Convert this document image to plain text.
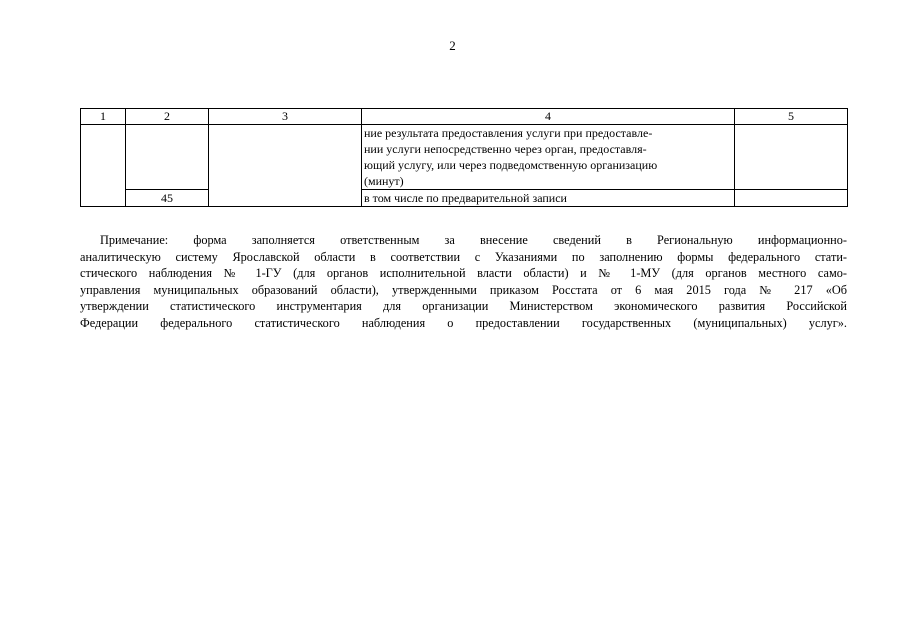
2
1	2	3	4	5

			ние результата предоставления услуги при предоставле-
нии услуги непосредственно через орган, предоставля-
ющий услугу, или через подведомственную организацию
(минут)	

	45		в том числе по предварительной записи	
Примечание: форма заполняется ответственным за внесение сведений в Региональную информационно-
аналитическую систему Ярославской области в соответствии с Указаниями по заполнению формы федерального стати-
стического наблюдения № 1-ГУ (для органов исполнительной власти области) и № 1-МУ (для органов местного само-
управления муниципальных образований области), утвержденными приказом Росстата от 6 мая 2015 года № 217 «Об
утверждении статистического инструментария для организации Министерством экономического развития Российской
Федерации федерального статистического наблюдения о предоставлении государственных (муниципальных) услуг».
